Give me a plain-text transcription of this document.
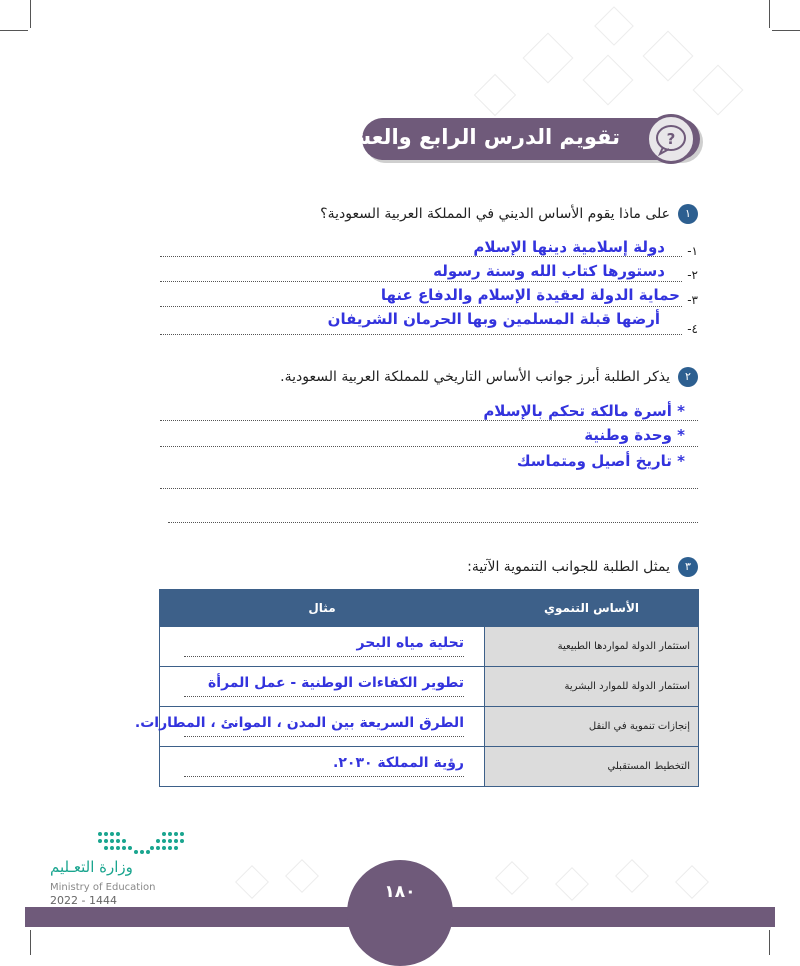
تقويم الدرس الرابع والعشرين	?
١على ماذا يقوم الأساس الديني في المملكة العربية السعودية؟
١-
دولة إسلامية دينها الإسلام
٢-
دستورها كتاب الله وسنة رسوله
٣-
حماية الدولة لعقيدة الإسلام والدفاع عنها
٤-
أرضها قبلة المسلمين وبها الحرمان الشريفان
٢يذكر الطلبة أبرز جوانب الأساس التاريخي للمملكة العربية السعودية.
* أسرة مالكة تحكم بالإسلام
* وحدة وطنية
* تاريخ أصيل ومتماسك
٣يمثل الطلبة للجوانب التنموية الآتية:
الأساس التنموي	مثال
استثمار الدولة لمواردها الطبيعية	تحلية مياه البحر

استثمار الدولة للموارد البشرية	تطوير الكفاءات الوطنية - عمل المرأة

إنجازات تنموية في النقل	الطرق السريعة بين المدن ، الموانئ ، المطارات.

التخطيط المستقبلي	رؤية المملكة ٢٠٣٠.
وزارة التعـليم
Ministry of Education
2022 - 1444	١٨٠
